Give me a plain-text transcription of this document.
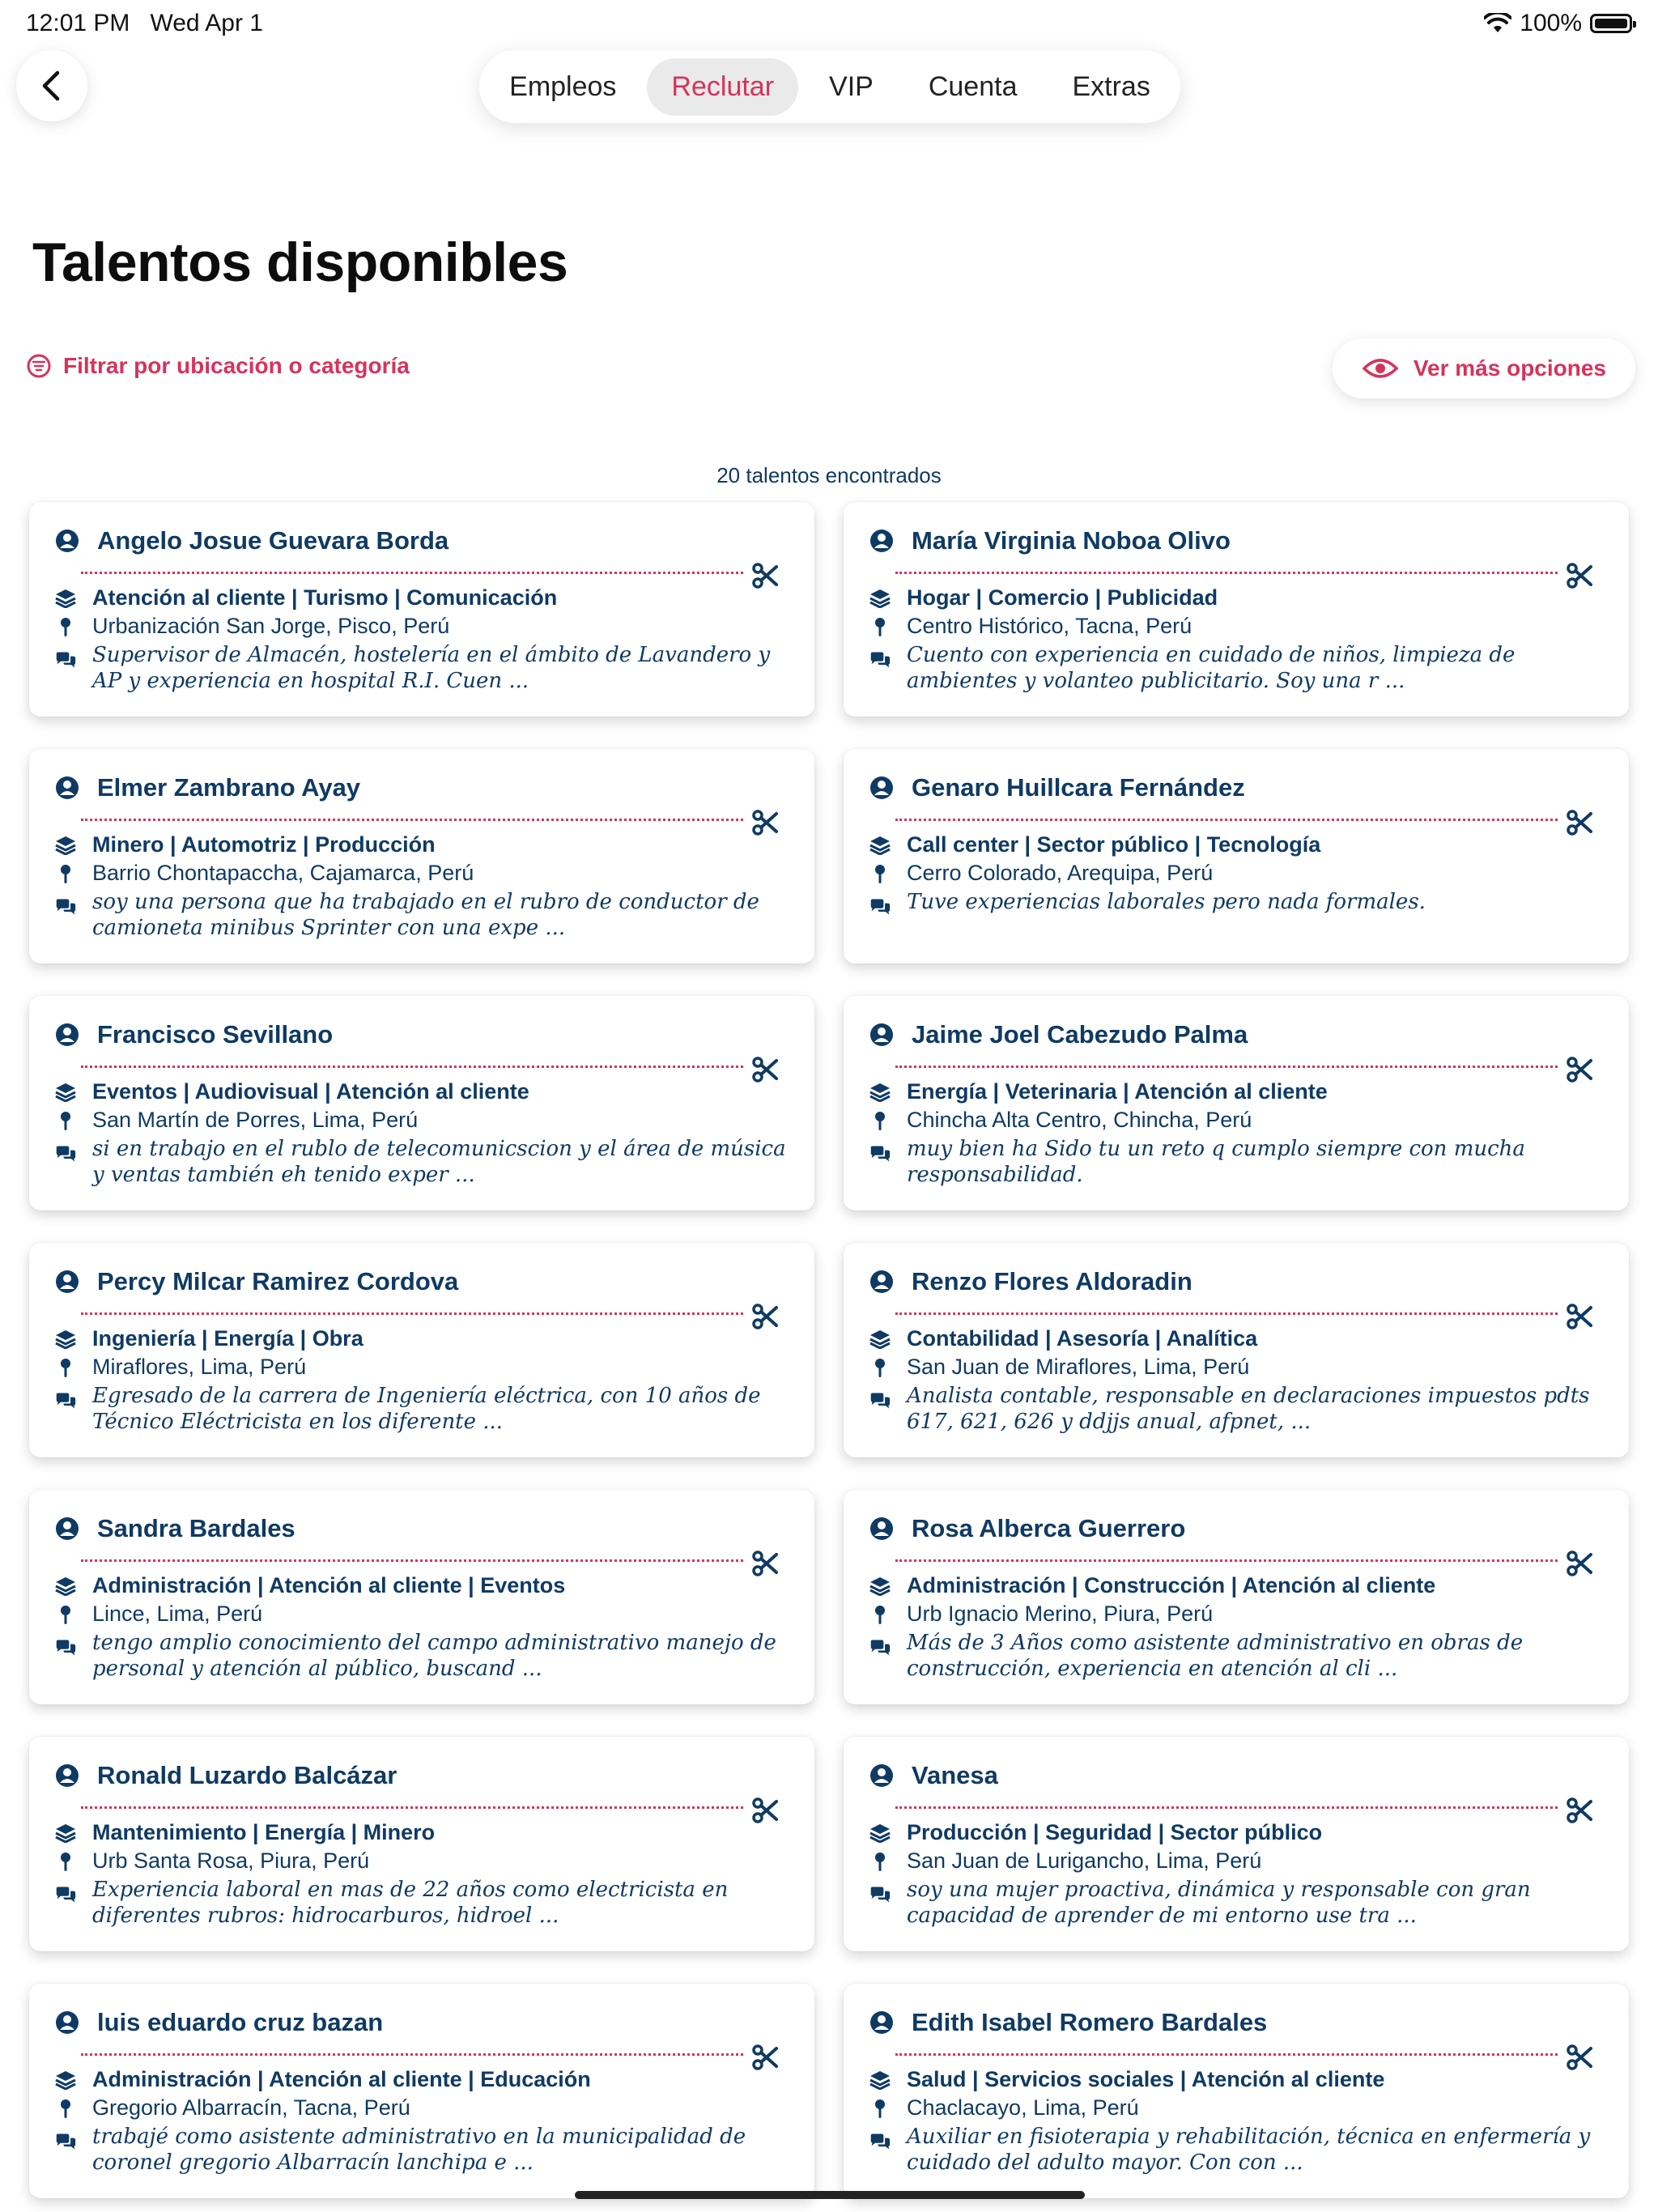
12:01 PM Wed Apr 1	100%
Empleos	Reclutar	VIP	Cuenta	Extras
Talentos disponibles
Filtrar por ubicación o categoría	Ver más opciones
20 talentos encontrados
Angelo Josue Guevara Borda
Atención al cliente | Turismo | Comunicación
Urbanización San Jorge, Pisco, Perú
Supervisor de Almacén, hostelería en el ámbito de Lavandero y AP y experiencia en hospital R.I. Cuen ...
María Virginia Noboa Olivo
Hogar | Comercio | Publicidad
Centro Histórico, Tacna, Perú
Cuento con experiencia en cuidado de niños, limpieza de ambientes y volanteo publicitario. Soy una r ...
Elmer Zambrano Ayay
Minero | Automotriz | Producción
Barrio Chontapaccha, Cajamarca, Perú
soy una persona que ha trabajado en el rubro de conductor de camioneta minibus Sprinter con una expe ...
Genaro Huillcara Fernández
Call center | Sector público | Tecnología
Cerro Colorado, Arequipa, Perú
Tuve experiencias laborales pero nada formales.
Francisco Sevillano
Eventos | Audiovisual | Atención al cliente
San Martín de Porres, Lima, Perú
si en trabajo en el rublo de telecomunicscion y el área de música y ventas también eh tenido exper ...
Jaime Joel Cabezudo Palma
Energía | Veterinaria | Atención al cliente
Chincha Alta Centro, Chincha, Perú
muy bien ha Sido tu un reto q cumplo siempre con mucha responsabilidad.
Percy Milcar Ramirez Cordova
Ingeniería | Energía | Obra
Miraflores, Lima, Perú
Egresado de la carrera de Ingeniería eléctrica, con 10 años de Técnico Eléctricista en los diferente ...
Renzo Flores Aldoradin
Contabilidad | Asesoría | Analítica
San Juan de Miraflores, Lima, Perú
Analista contable, responsable en declaraciones impuestos pdts 617, 621, 626 y ddjjs anual, afpnet, ...
Sandra Bardales
Administración | Atención al cliente | Eventos
Lince, Lima, Perú
tengo amplio conocimiento del campo administrativo manejo de personal y atención al público, buscand ...
Rosa Alberca Guerrero
Administración | Construcción | Atención al cliente
Urb Ignacio Merino, Piura, Perú
Más de 3 Años como asistente administrativo en obras de construcción, experiencia en atención al cli ...
Ronald Luzardo Balcázar
Mantenimiento | Energía | Minero
Urb Santa Rosa, Piura, Perú
Experiencia laboral en mas de 22 años como electricista en diferentes rubros: hidrocarburos, hidroel ...
Vanesa
Producción | Seguridad | Sector público
San Juan de Lurigancho, Lima, Perú
soy una mujer proactiva, dinámica y responsable con gran capacidad de aprender de mi entorno use tra ...
luis eduardo cruz bazan
Administración | Atención al cliente | Educación
Gregorio Albarracín, Tacna, Perú
trabajé como asistente administrativo en la municipalidad de coronel gregorio Albarracín lanchipa e ...
Edith Isabel Romero Bardales
Salud | Servicios sociales | Atención al cliente
Chaclacayo, Lima, Perú
Auxiliar en fisioterapia y rehabilitación, técnica en enfermería y cuidado del adulto mayor. Con con ...
